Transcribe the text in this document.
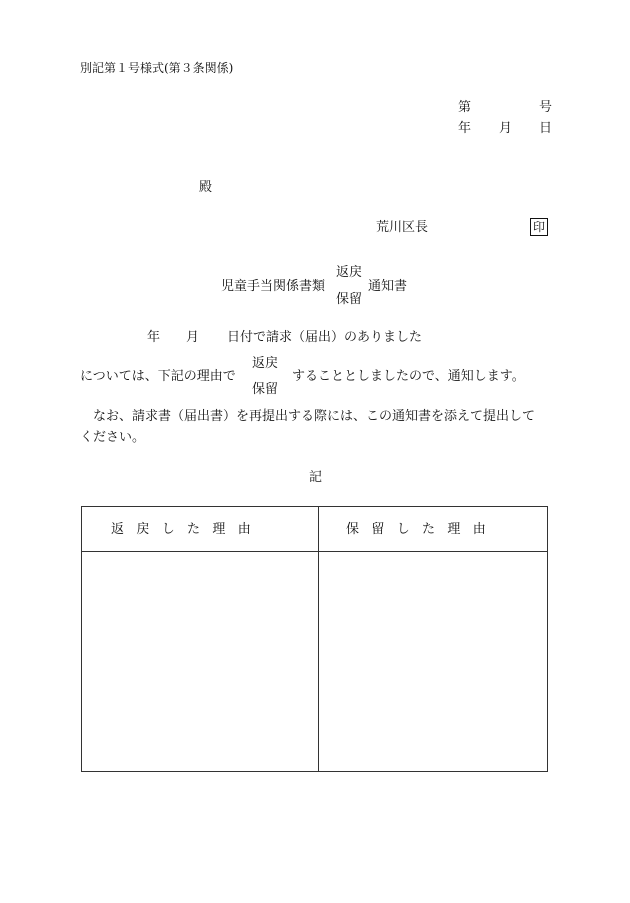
別記第１号様式(第３条関係)
第	号
年 月 日
殿
荒川区長	印
児童手当関係書類
返戻
保留
通知書
年 月 日付で請求（届出）のありました
については、下記の理由で
返戻
保留
することとしましたので、通知します。
　なお、請求書（届出書）を再提出する際には、この通知書を添えて提出して
ください。
記
返戻した理由	保留した理由
